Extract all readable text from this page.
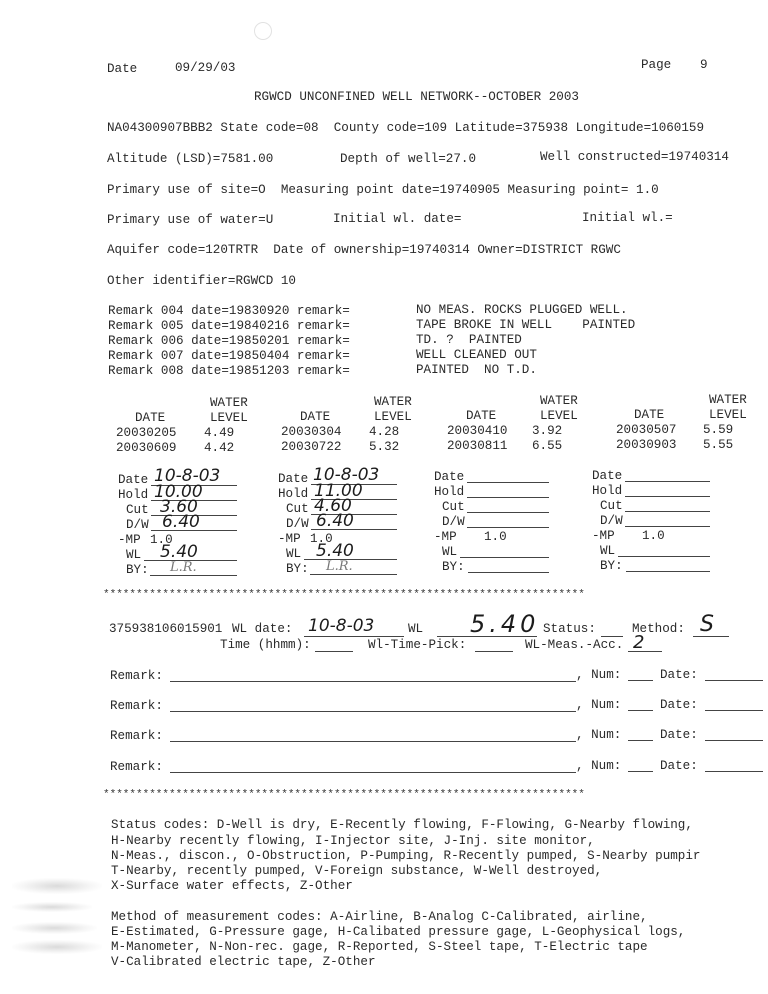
Date	09/29/03	Page 9
RGWCD UNCONFINED WELL NETWORK--OCTOBER 2003
NA04300907BBB2 State code=08  County code=109 Latitude=375938 Longitude=1060159
Altitude (LSD)=7581.00	Depth of well=27.0	Well constructed=19740314
Primary use of site=O  Measuring point date=19740905 Measuring point= 1.0
Primary use of water=U	Initial wl. date=	Initial wl.=
Aquifer code=120TRTR  Date of ownership=19740314 Owner=DISTRICT RGWC
Other identifier=RGWCD 10
Remark 004 date=19830920 remark=	NO MEAS. ROCKS PLUGGED WELL.
Remark 005 date=19840216 remark=	TAPE BROKE IN WELL    PAINTED
Remark 006 date=19850201 remark=	TD. ?  PAINTED
Remark 007 date=19850404 remark=	WELL CLEANED OUT
Remark 008 date=19851203 remark=	PAINTED  NO T.D.
WATER
DATE	LEVEL
20030205 4.49
20030609 4.42
WATER
DATE	LEVEL
20030304 4.28
20030722 5.32
WATER
DATE	LEVEL
20030410 3.92
20030811 6.55
WATER
DATE	LEVEL
20030507 5.59
20030903 5.55
Date 10-8-03
Hold 10.00
Cut 3.60
D/W 6.40
-MP 1.0
WL 5.40
BY: L.R.
Date 10-8-03
Hold 11.00
Cut 4.60
D/W 6.40
-MP 1.0
WL 5.40
BY: L.R.
Date
Hold
Cut
D/W
-MP 1.0
WL
BY:
Date
Hold
Cut
D/W
-MP 1.0
WL
BY:
*************************************************************************
375938106015901 WL date: 10-8-03	WL 5.40 Status:	Method: S
Time (hhmm):	Wl-Time-Pick:	WL-Meas.-Acc. 2
Remark:	, Num:	Date:
Remark:	, Num:	Date:
Remark:	, Num:	Date:
Remark:	, Num:	Date:
*************************************************************************
Status codes: D-Well is dry, E-Recently flowing, F-Flowing, G-Nearby flowing,
H-Nearby recently flowing, I-Injector site, J-Inj. site monitor,
N-Meas., discon., O-Obstruction, P-Pumping, R-Recently pumped, S-Nearby pumpir
T-Nearby, recently pumped, V-Foreign substance, W-Well destroyed,
X-Surface water effects, Z-Other
Method of measurement codes: A-Airline, B-Analog C-Calibrated, airline,
E-Estimated, G-Pressure gage, H-Calibated pressure gage, L-Geophysical logs,
M-Manometer, N-Non-rec. gage, R-Reported, S-Steel tape, T-Electric tape
V-Calibrated electric tape, Z-Other
